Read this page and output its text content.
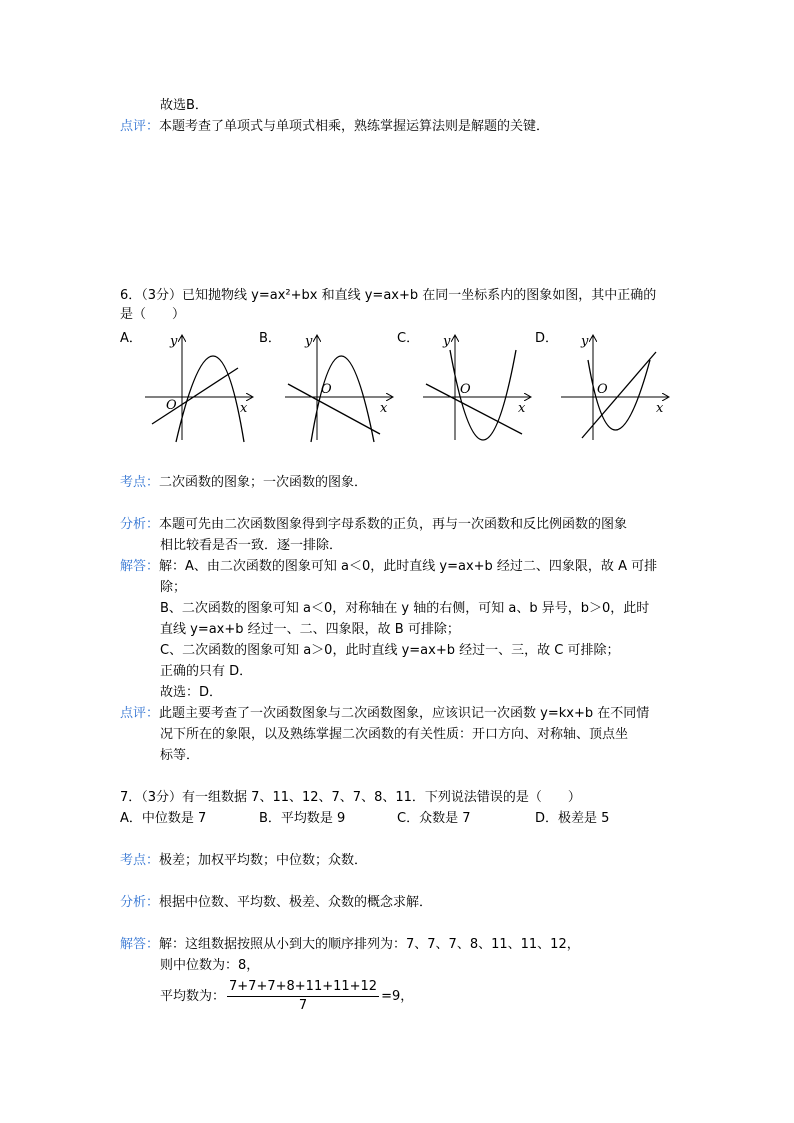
故选B．
点评：本题考查了单项式与单项式相乘，熟练掌握运算法则是解题的关键．
6．（3分）已知抛物线 y=ax²+bx 和直线 y=ax+b 在同一坐标系内的图象如图，其中正确的
是（　　）
A．	B．	C．	D．
y
x
O
y
x
O
y
x
O
y
x
O
考点：二次函数的图象；一次函数的图象．
分析：本题可先由二次函数图象得到字母系数的正负，再与一次函数和反比例函数的图象
相比较看是否一致．逐一排除．
解答：解：A、由二次函数的图象可知 a＜0，此时直线 y=ax+b 经过二、四象限，故 A 可排
除；
B、二次函数的图象可知 a＜0，对称轴在 y 轴的右侧，可知 a、b 异号，b＞0，此时
直线 y=ax+b 经过一、二、四象限，故 B 可排除；
C、二次函数的图象可知 a＞0，此时直线 y=ax+b 经过一、三，故 C 可排除；
正确的只有 D．
故选：D．
点评：此题主要考查了一次函数图象与二次函数图象，应该识记一次函数 y=kx+b 在不同情
况下所在的象限，以及熟练掌握二次函数的有关性质：开口方向、对称轴、顶点坐
标等．
7．（3分）有一组数据 7、11、12、7、7、8、11．下列说法错误的是（　　）
A．中位数是 7	B．平均数是 9	C．众数是 7	D．极差是 5
考点：极差；加权平均数；中位数；众数．
分析：根据中位数、平均数、极差、众数的概念求解．
解答：解：这组数据按照从小到大的顺序排列为：7、7、7、8、11、11、12，
则中位数为：8，
平均数为： $\frac{7+7+7+8+11+11+12}{7} =9$，
